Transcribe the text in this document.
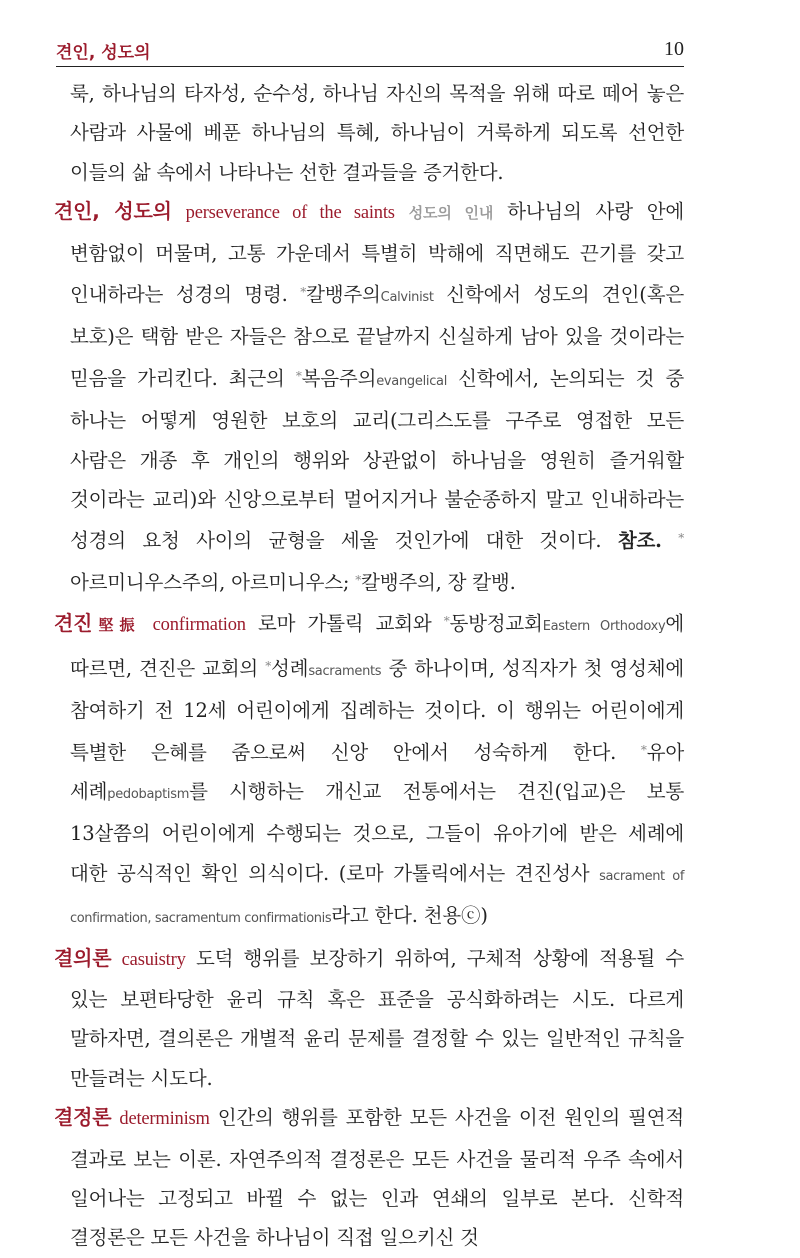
견인, 성도의	10

룩, 하나님의 타자성, 순수성, 하나님 자신의 목적을 위해 따로 떼어 놓은 사람과 사물에 베푼 하나님의 특혜, 하나님이 거룩하게 되도록 선언한 이들의 삶 속에서 나타나는 선한 결과들을 증거한다.

견인, 성도의 perseverance of the saints 성도의 인내 하나님의 사랑 안에 변함없이 머물며, 고통 가운데서 특별히 박해에 직면해도 끈기를 갖고 인내하라는 성경의 명령. *칼뱅주의Calvinist 신학에서 성도의 견인(혹은 보호)은 택함 받은 자들은 참으로 끝날까지 신실하게 남아 있을 것이라는 믿음을 가리킨다. 최근의 *복음주의evangelical 신학에서, 논의되는 것 중 하나는 어떻게 영원한 보호의 교리(그리스도를 구주로 영접한 모든 사람은 개종 후 개인의 행위와 상관없이 하나님을 영원히 즐거워할 것이라는 교리)와 신앙으로부터 멀어지거나 불순종하지 말고 인내하라는 성경의 요청 사이의 균형을 세울 것인가에 대한 것이다. 참조. *아르미니우스주의, 아르미니우스; *칼뱅주의, 장 칼뱅.

견진堅振 confirmation 로마 가톨릭 교회와 *동방정교회Eastern Orthodoxy에 따르면, 견진은 교회의 *성례sacraments 중 하나이며, 성직자가 첫 영성체에 참여하기 전 12세 어린이에게 집례하는 것이다. 이 행위는 어린이에게 특별한 은혜를 줌으로써 신앙 안에서 성숙하게 한다. *유아 세례pedobaptism를 시행하는 개신교 전통에서는 견진(입교)은 보통 13살쯤의 어린이에게 수행되는 것으로, 그들이 유아기에 받은 세례에 대한 공식적인 확인 의식이다. (로마 가톨릭에서는 견진성사 sacrament of confirmation, sacramentum confirmationis라고 한다. 천용ⓒ)

결의론 casuistry 도덕 행위를 보장하기 위하여, 구체적 상황에 적용될 수 있는 보편타당한 윤리 규칙 혹은 표준을 공식화하려는 시도. 다르게 말하자면, 결의론은 개별적 윤리 문제를 결정할 수 있는 일반적인 규칙을 만들려는 시도다.

결정론 determinism 인간의 행위를 포함한 모든 사건을 이전 원인의 필연적 결과로 보는 이론. 자연주의적 결정론은 모든 사건을 물리적 우주 속에서 일어나는 고정되고 바뀔 수 없는 인과 연쇄의 일부로 본다. 신학적 결정론은 모든 사건을 하나님이 직접 일으키신 것
